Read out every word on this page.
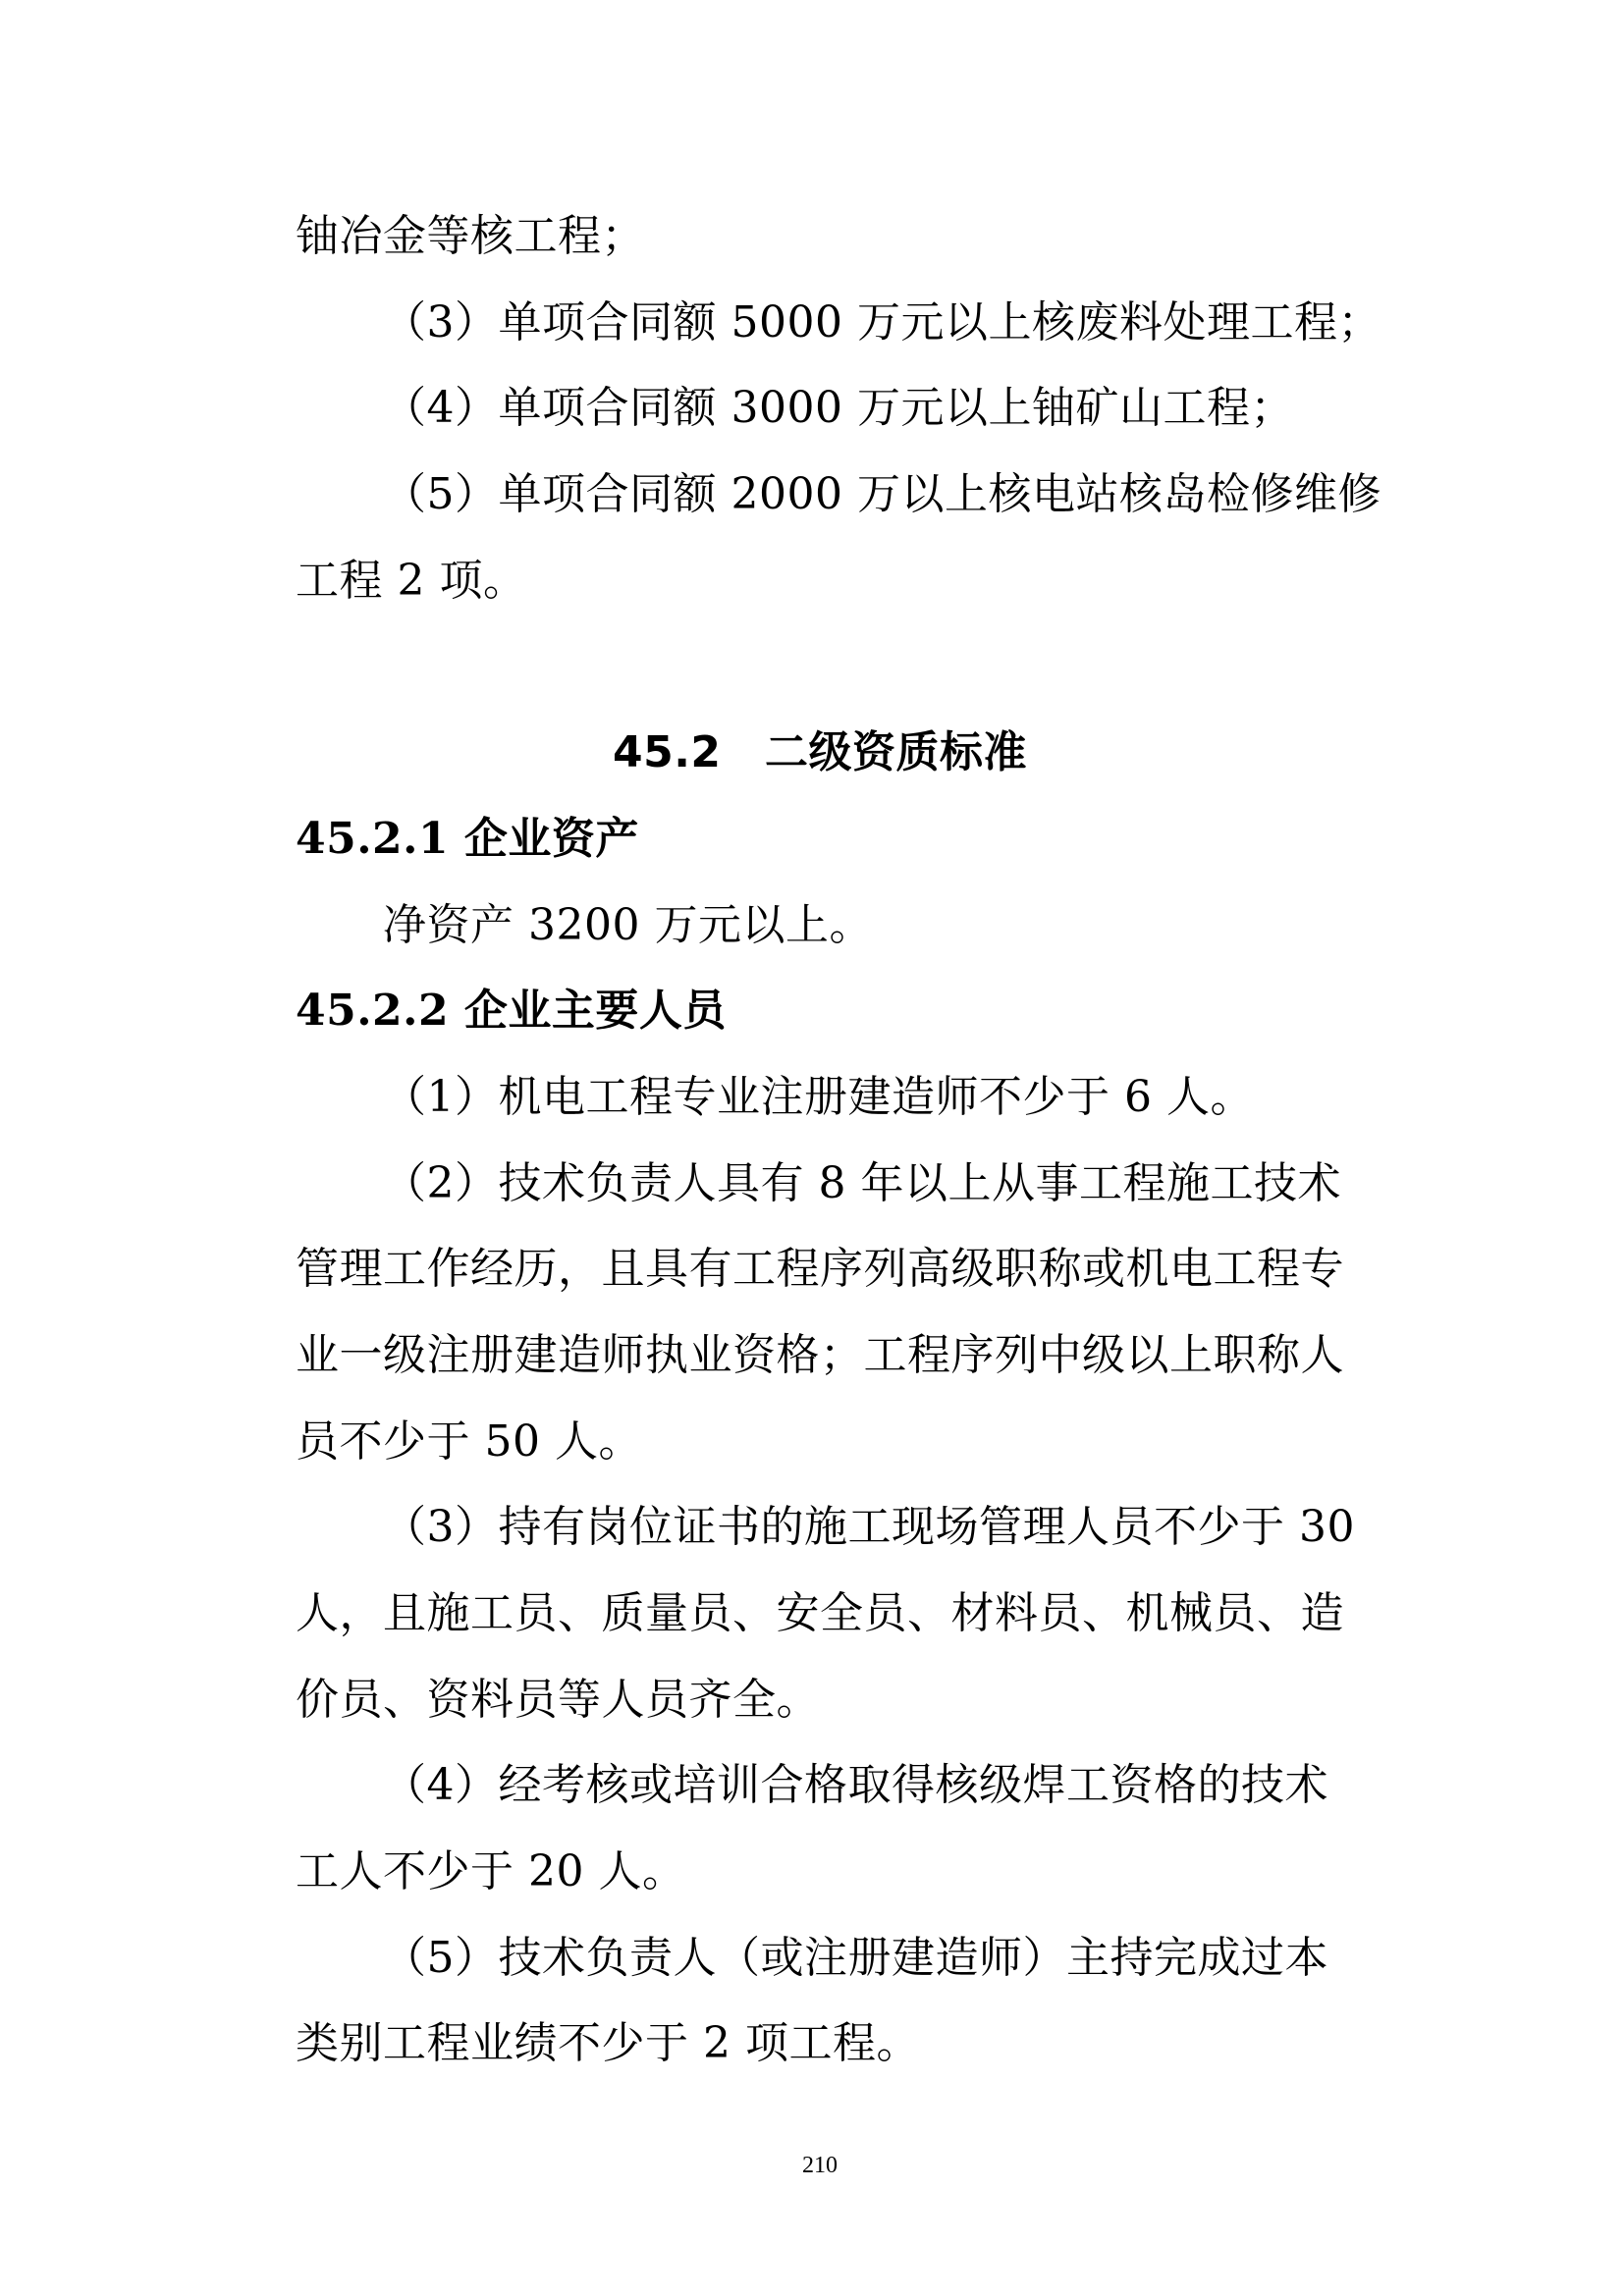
铀冶金等核工程；
（3）单项合同额 5000 万元以上核废料处理工程；
（4）单项合同额 3000 万元以上铀矿山工程；
（5）单项合同额 2000 万以上核电站核岛检修维修
工程 2 项。
45.2　二级资质标准
45.2.1 企业资产
净资产 3200 万元以上。
45.2.2 企业主要人员
（1）机电工程专业注册建造师不少于 6 人。
（2）技术负责人具有 8 年以上从事工程施工技术
管理工作经历，且具有工程序列高级职称或机电工程专
业一级注册建造师执业资格；工程序列中级以上职称人
员不少于 50 人。
（3）持有岗位证书的施工现场管理人员不少于 30
人，且施工员、质量员、安全员、材料员、机械员、造
价员、资料员等人员齐全。
（4）经考核或培训合格取得核级焊工资格的技术
工人不少于 20 人。
（5）技术负责人（或注册建造师）主持完成过本
类别工程业绩不少于 2 项工程。
210
